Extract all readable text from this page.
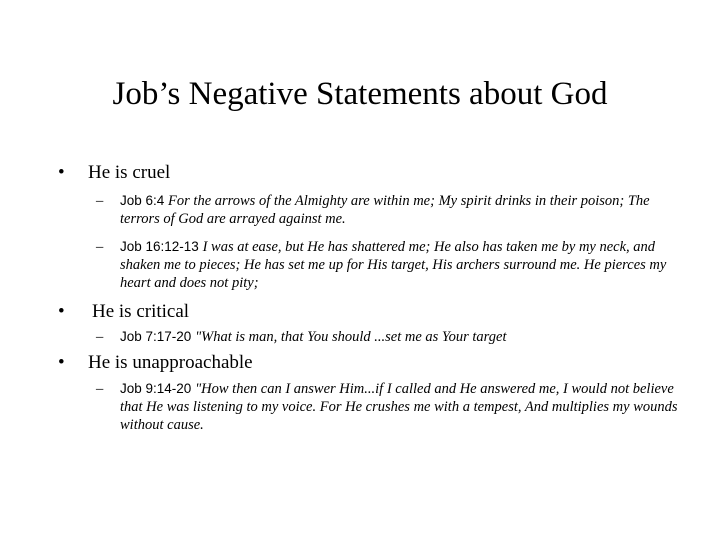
Job’s Negative Statements about God
• He is cruel
– Job 6:4 For the arrows of the Almighty are within me; My spirit drinks in their poison; The terrors of God are arrayed against me.
– Job 16:12-13 I was at ease, but He has shattered me; He also has taken me by my neck, and shaken me to pieces; He has set me up for His target, His archers surround me. He pierces my heart and does not pity;
• He is critical
– Job 7:17-20 "What is man, that You should ...set me as Your target
• He is unapproachable
– Job 9:14-20 "How then can I answer Him...if I called and He answered me, I would not believe that He was listening to my voice. For He crushes me with a tempest, And multiplies my wounds without cause.
